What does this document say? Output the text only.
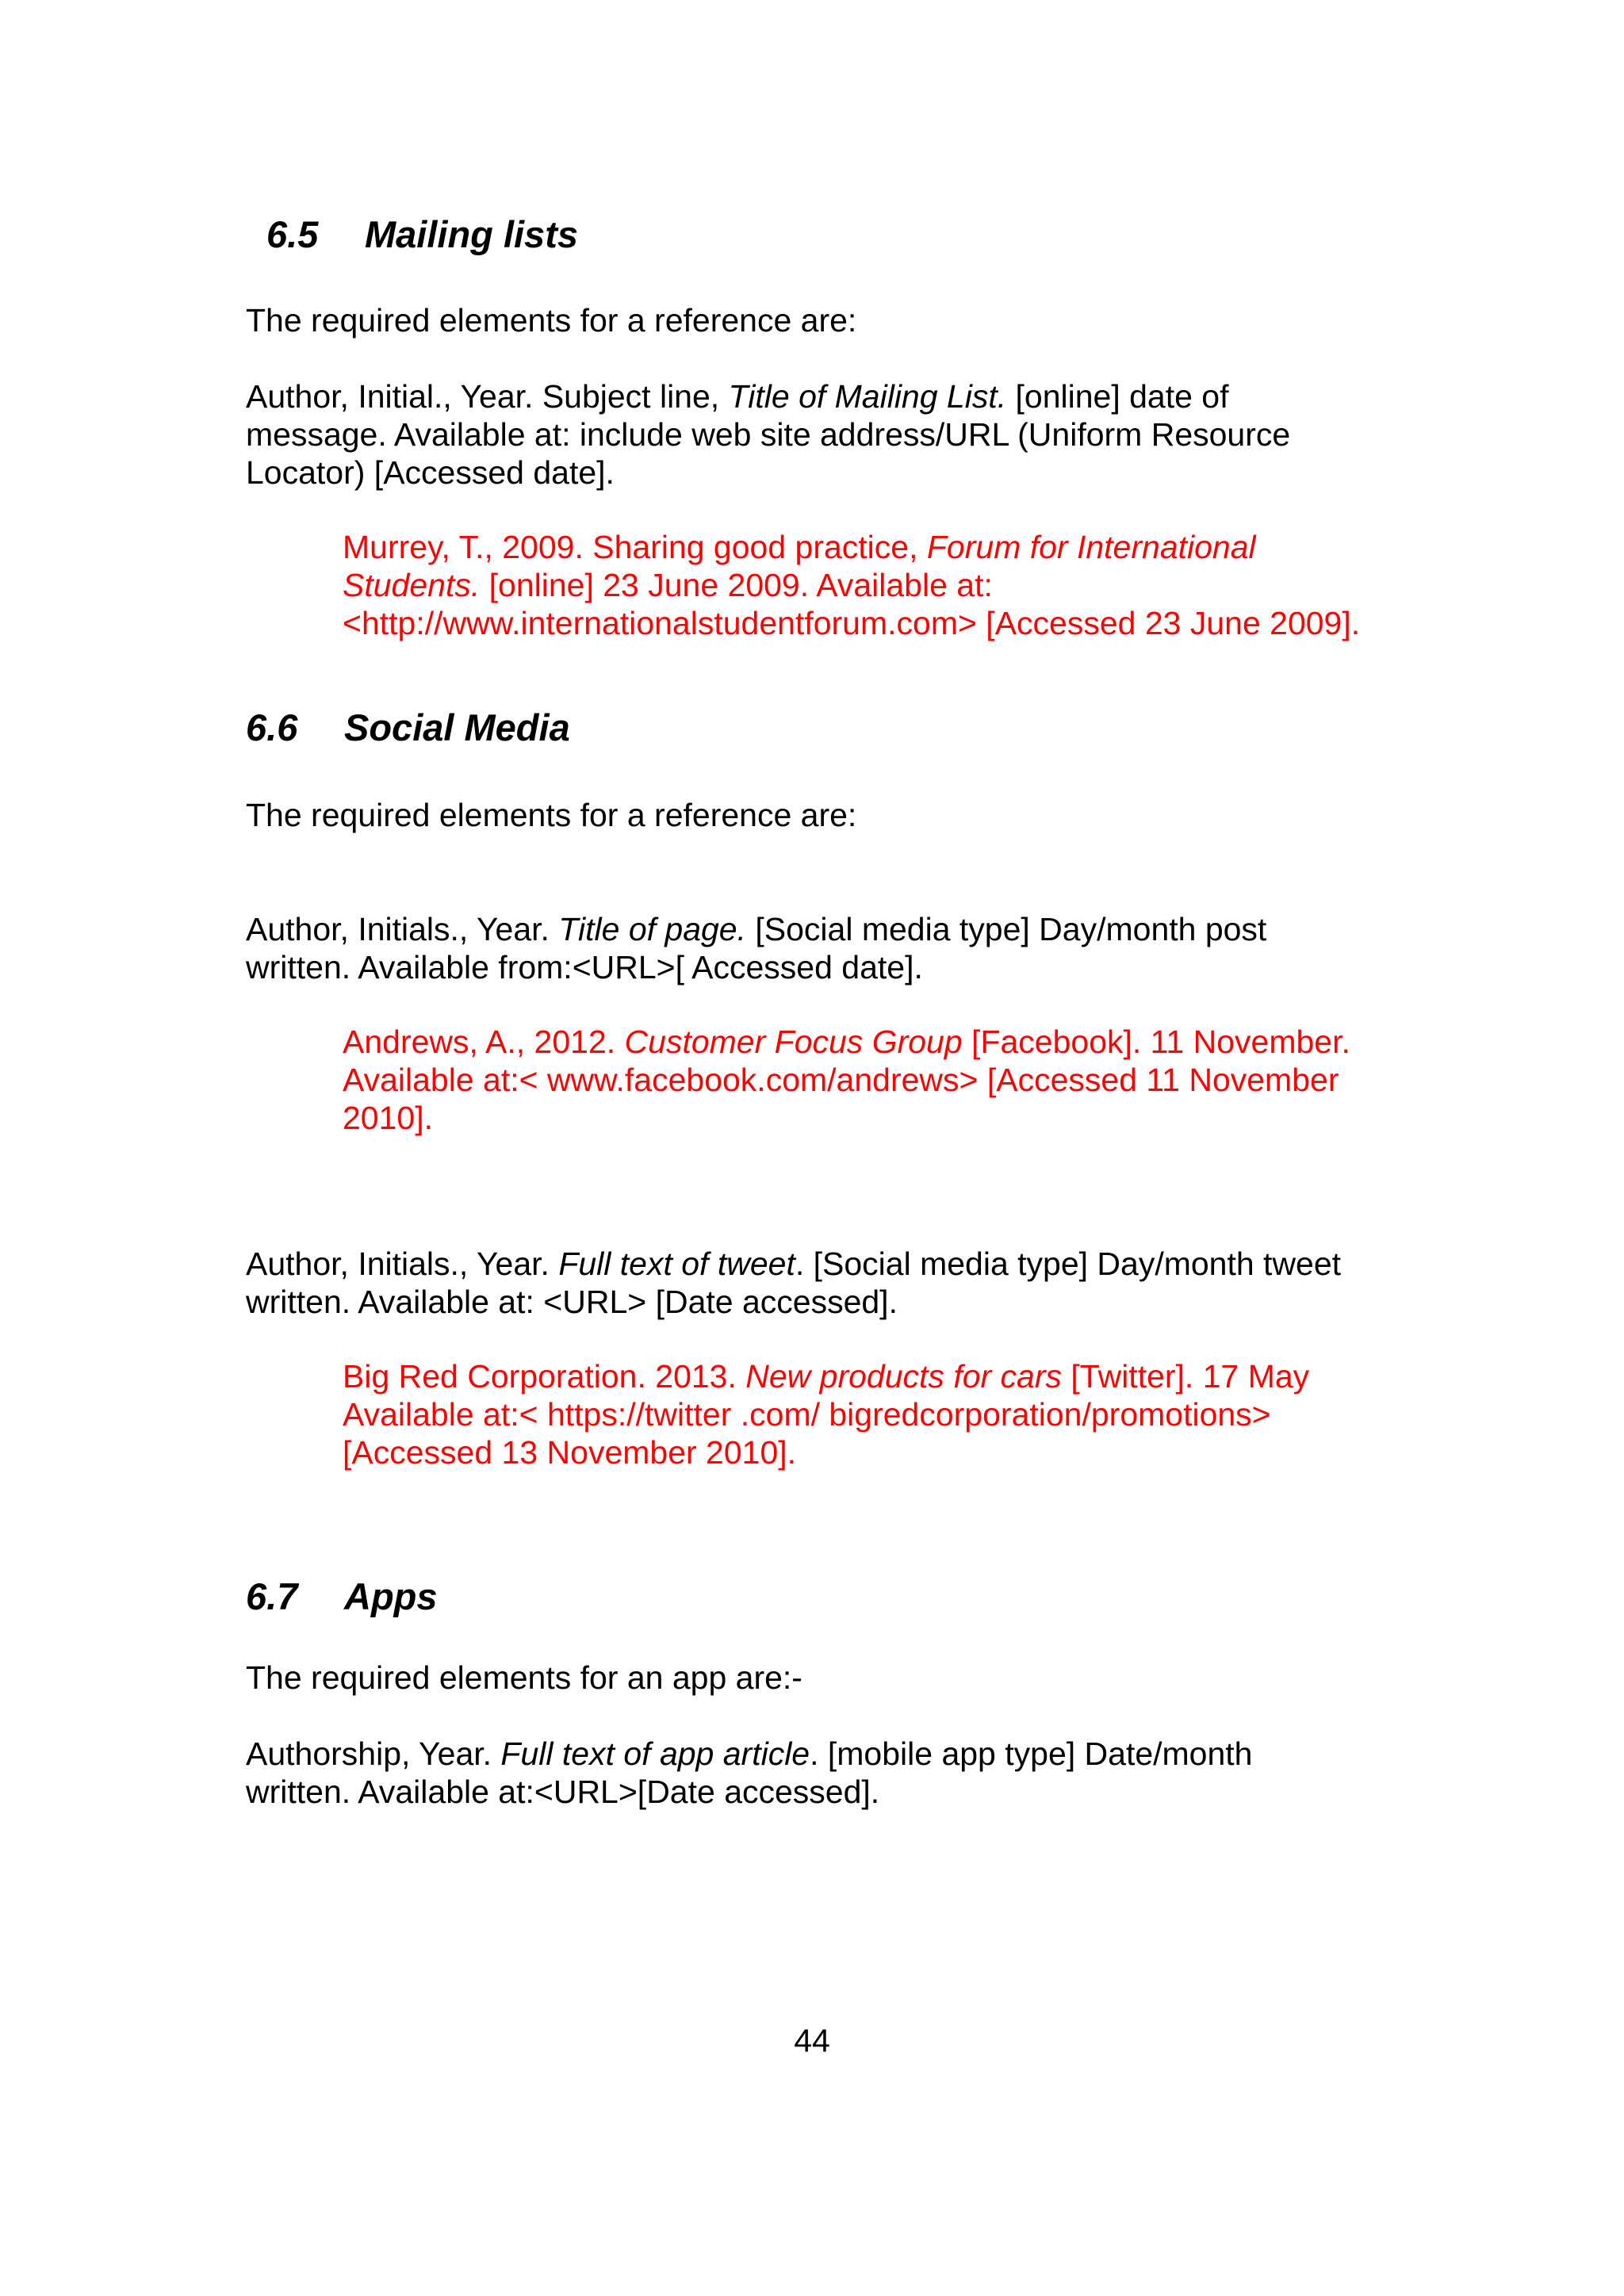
6.5 Mailing lists
The required elements for a reference are:
Author, Initial., Year. Subject line, Title of Mailing List. [online] date of
message. Available at: include web site address/URL (Uniform Resource
Locator) [Accessed date].
Murrey, T., 2009. Sharing good practice, Forum for International
Students. [online] 23 June 2009. Available at:
<http://www.internationalstudentforum.com> [Accessed 23 June 2009].
6.6 Social Media
The required elements for a reference are:
Author, Initials., Year. Title of page. [Social media type] Day/month post
written. Available from:<URL>[ Accessed date].
Andrews, A., 2012. Customer Focus Group [Facebook]. 11 November.
Available at:< www.facebook.com/andrews> [Accessed 11 November
2010].
Author, Initials., Year. Full text of tweet. [Social media type] Day/month tweet
written. Available at: <URL> [Date accessed].
Big Red Corporation. 2013. New products for cars [Twitter]. 17 May
Available at:< https://twitter .com/ bigredcorporation/promotions>
[Accessed 13 November 2010].
6.7 Apps
The required elements for an app are:-
Authorship, Year. Full text of app article. [mobile app type] Date/month
written. Available at:<URL>[Date accessed].
44
